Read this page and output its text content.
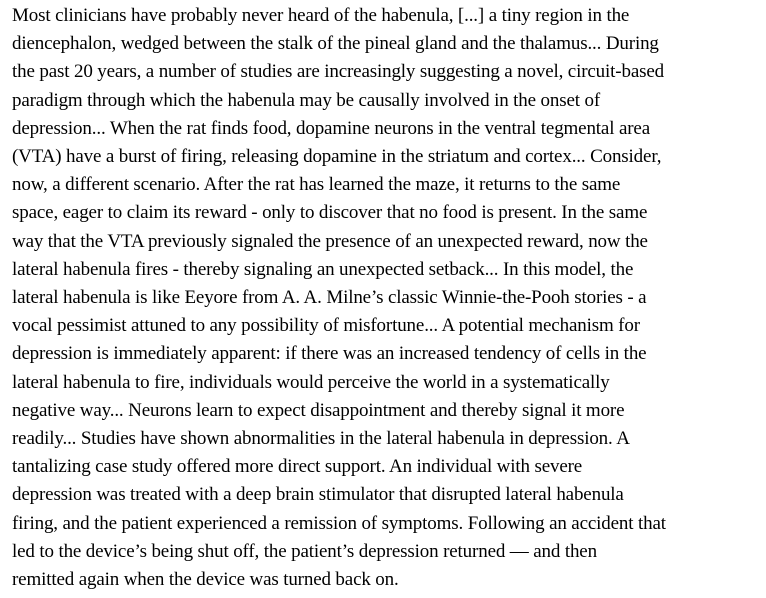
Most clinicians have probably never heard of the habenula, [...] a tiny region in the
diencephalon, wedged between the stalk of the pineal gland and the thalamus... During
the past 20 years, a number of studies are increasingly suggesting a novel, circuit-based
paradigm through which the habenula may be causally involved in the onset of
depression... When the rat finds food, dopamine neurons in the ventral tegmental area
(VTA) have a burst of firing, releasing dopamine in the striatum and cortex... Consider,
now, a different scenario. After the rat has learned the maze, it returns to the same
space, eager to claim its reward - only to discover that no food is present. In the same
way that the VTA previously signaled the presence of an unexpected reward, now the
lateral habenula fires - thereby signaling an unexpected setback... In this model, the
lateral habenula is like Eeyore from A. A. Milne’s classic Winnie-the-Pooh stories - a
vocal pessimist attuned to any possibility of misfortune... A potential mechanism for
depression is immediately apparent: if there was an increased tendency of cells in the
lateral habenula to fire, individuals would perceive the world in a systematically
negative way... Neurons learn to expect disappointment and thereby signal it more
readily... Studies have shown abnormalities in the lateral habenula in depression. A
tantalizing case study offered more direct support. An individual with severe
depression was treated with a deep brain stimulator that disrupted lateral habenula
firing, and the patient experienced a remission of symptoms. Following an accident that
led to the device’s being shut off, the patient’s depression returned — and then
remitted again when the device was turned back on.
